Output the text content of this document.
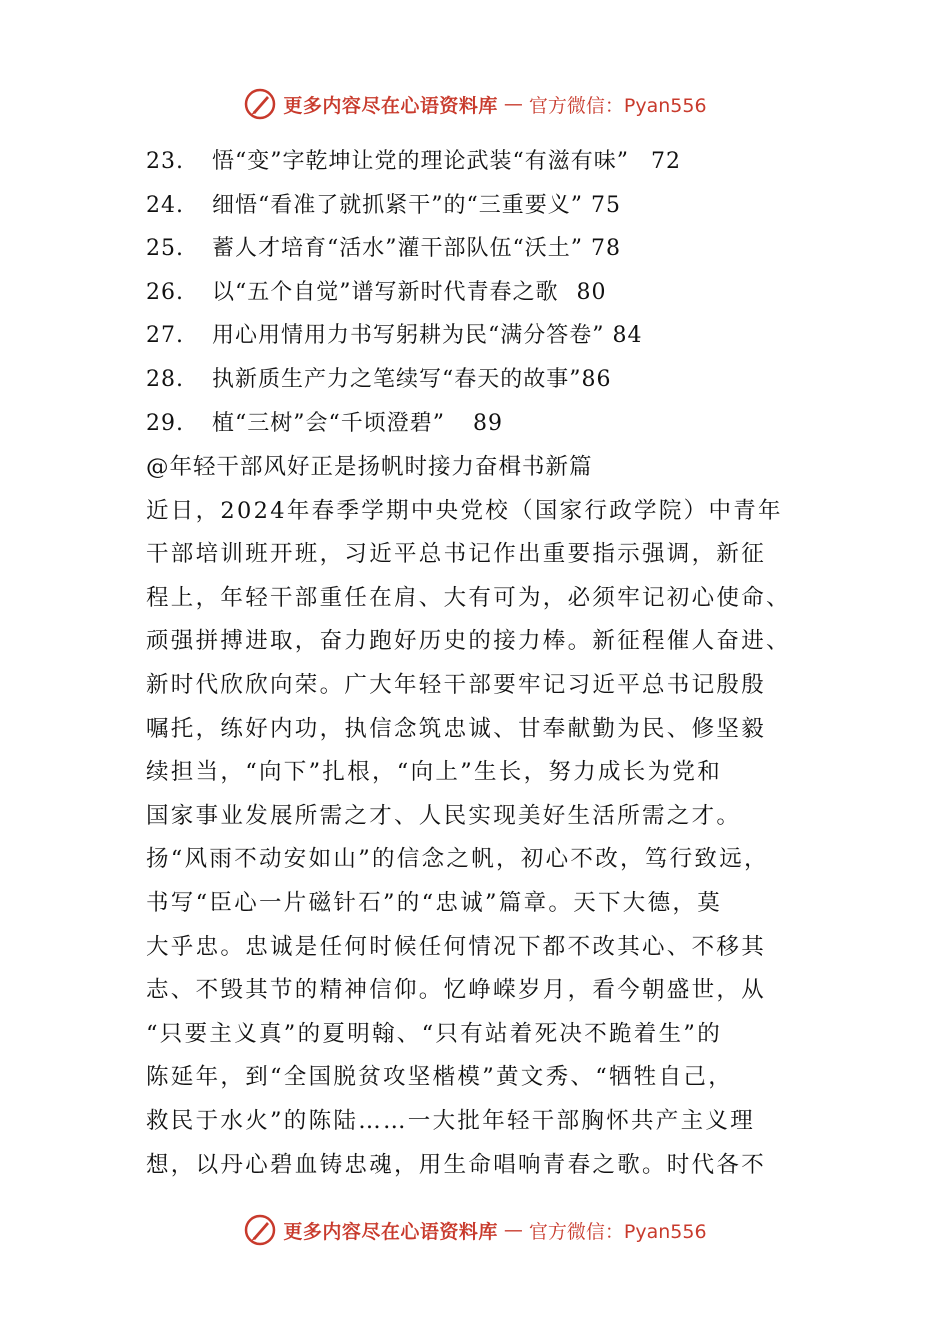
更多内容尽在心语资料库 — 官方微信：Pyan556
23. 悟“变”字乾坤让党的理论武装“有滋有味” 72
24. 细悟“看准了就抓紧干”的“三重要义” 75
25. 蓄人才培育“活水”灌干部队伍“沃土” 78
26. 以“五个自觉”谱写新时代青春之歌 80
27. 用心用情用力书写躬耕为民“满分答卷” 84
28. 执新质生产力之笔续写“春天的故事”86
29. 植“三树”会“千顷澄碧” 89
@年轻干部风好正是扬帆时接力奋楫书新篇
近日，2024年春季学期中央党校（国家行政学院）中青年
干部培训班开班，习近平总书记作出重要指示强调，新征
程上，年轻干部重任在肩、大有可为，必须牢记初心使命、
顽强拼搏进取，奋力跑好历史的接力棒。新征程催人奋进、
新时代欣欣向荣。广大年轻干部要牢记习近平总书记殷殷
嘱托，练好内功，执信念筑忠诚、甘奉献勤为民、修坚毅
续担当，“向下”扎根，“向上”生长，努力成长为党和
国家事业发展所需之才、人民实现美好生活所需之才。
扬“风雨不动安如山”的信念之帆，初心不改，笃行致远，
书写“臣心一片磁针石”的“忠诚”篇章。天下大德，莫
大乎忠。忠诚是任何时候任何情况下都不改其心、不移其
志、不毁其节的精神信仰。忆峥嵘岁月，看今朝盛世，从
“只要主义真”的夏明翰、“只有站着死决不跪着生”的
陈延年，到“全国脱贫攻坚楷模”黄文秀、“牺牲自己，
救民于水火”的陈陆……一大批年轻干部胸怀共产主义理
想，以丹心碧血铸忠魂，用生命唱响青春之歌。时代各不
更多内容尽在心语资料库 — 官方微信：Pyan556
